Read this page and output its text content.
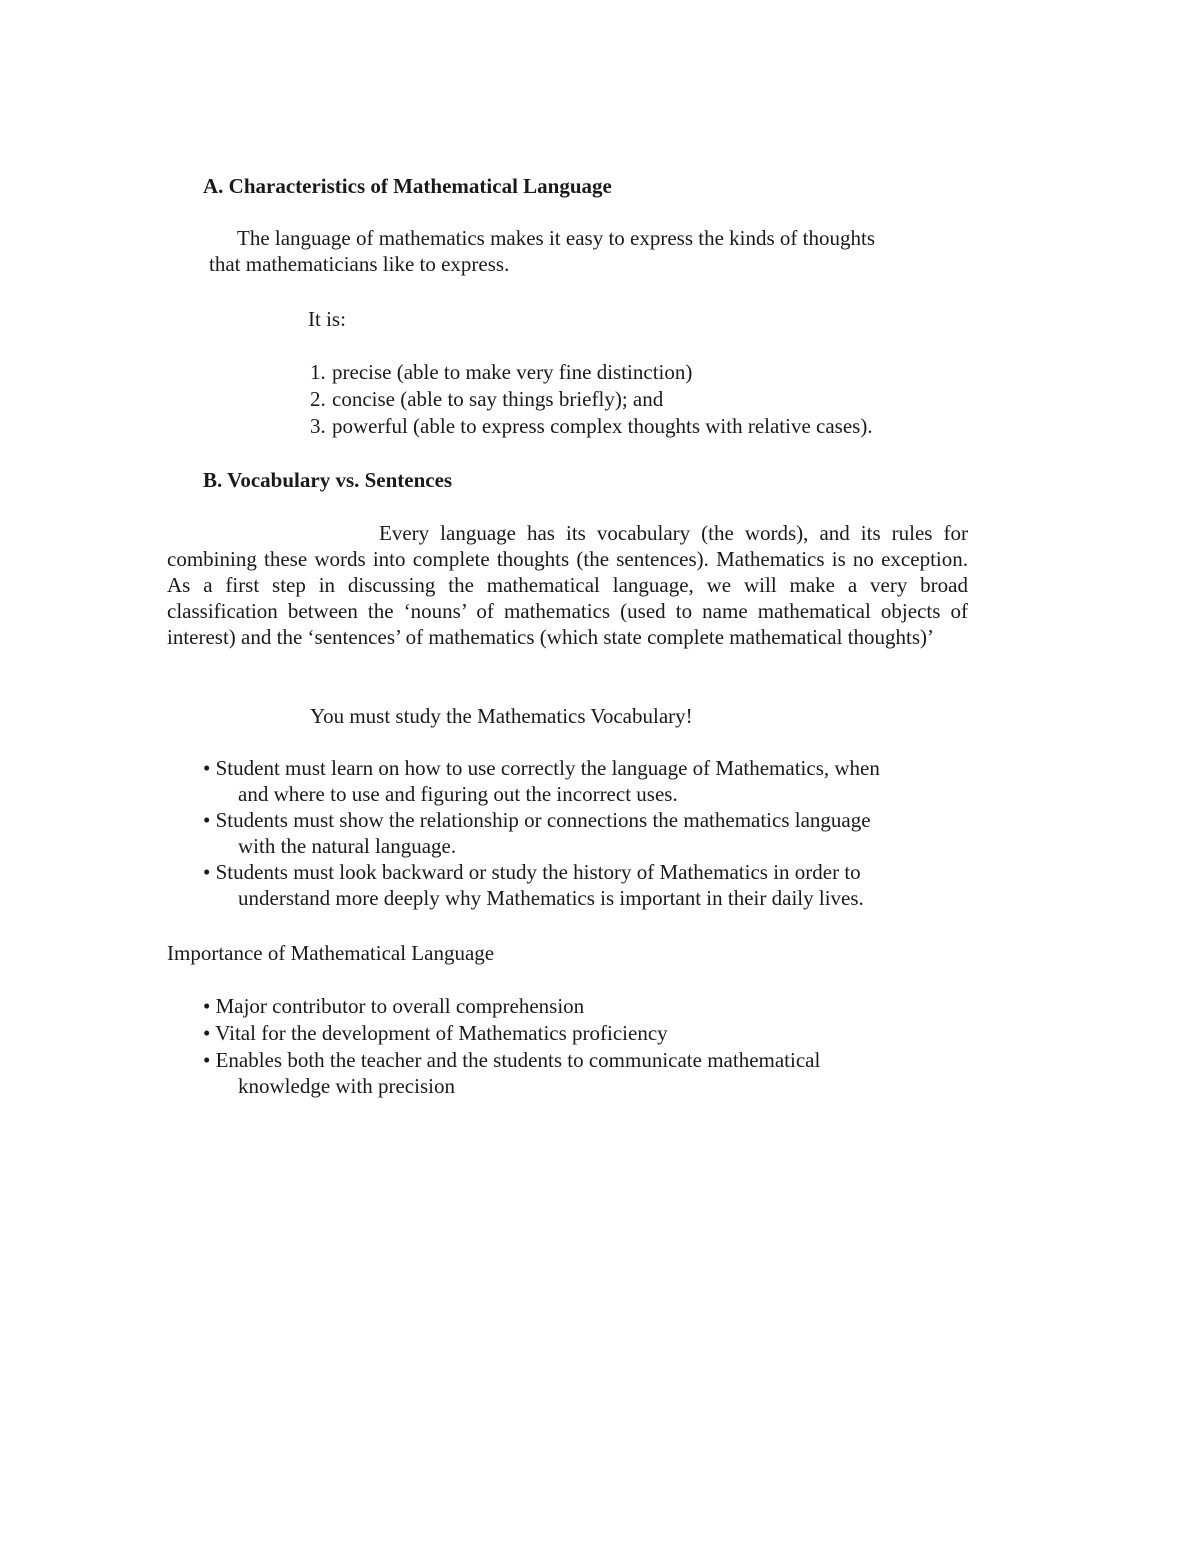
A. Characteristics of Mathematical Language
The language of mathematics makes it easy to express the kinds of thoughts
that mathematicians like to express.
It is:
1. precise (able to make very fine distinction)
2. concise (able to say things briefly); and
3. powerful (able to express complex thoughts with relative cases).
B. Vocabulary vs. Sentences
Every language has its vocabulary (the words), and its rules for combining these words into complete thoughts (the sentences). Mathematics is no exception. As a first step in discussing the mathematical language, we will make a very broad classification between the ‘nouns’ of mathematics (used to name mathematical objects of interest) and the ‘sentences’ of mathematics (which state complete mathematical thoughts)’
You must study the Mathematics Vocabulary!
• Student must learn on how to use correctly the language of Mathematics, when
and where to use and figuring out the incorrect uses.
• Students must show the relationship or connections the mathematics language
with the natural language.
• Students must look backward or study the history of Mathematics in order to
understand more deeply why Mathematics is important in their daily lives.
Importance of Mathematical Language
• Major contributor to overall comprehension
• Vital for the development of Mathematics proficiency
• Enables both the teacher and the students to communicate mathematical
knowledge with precision
